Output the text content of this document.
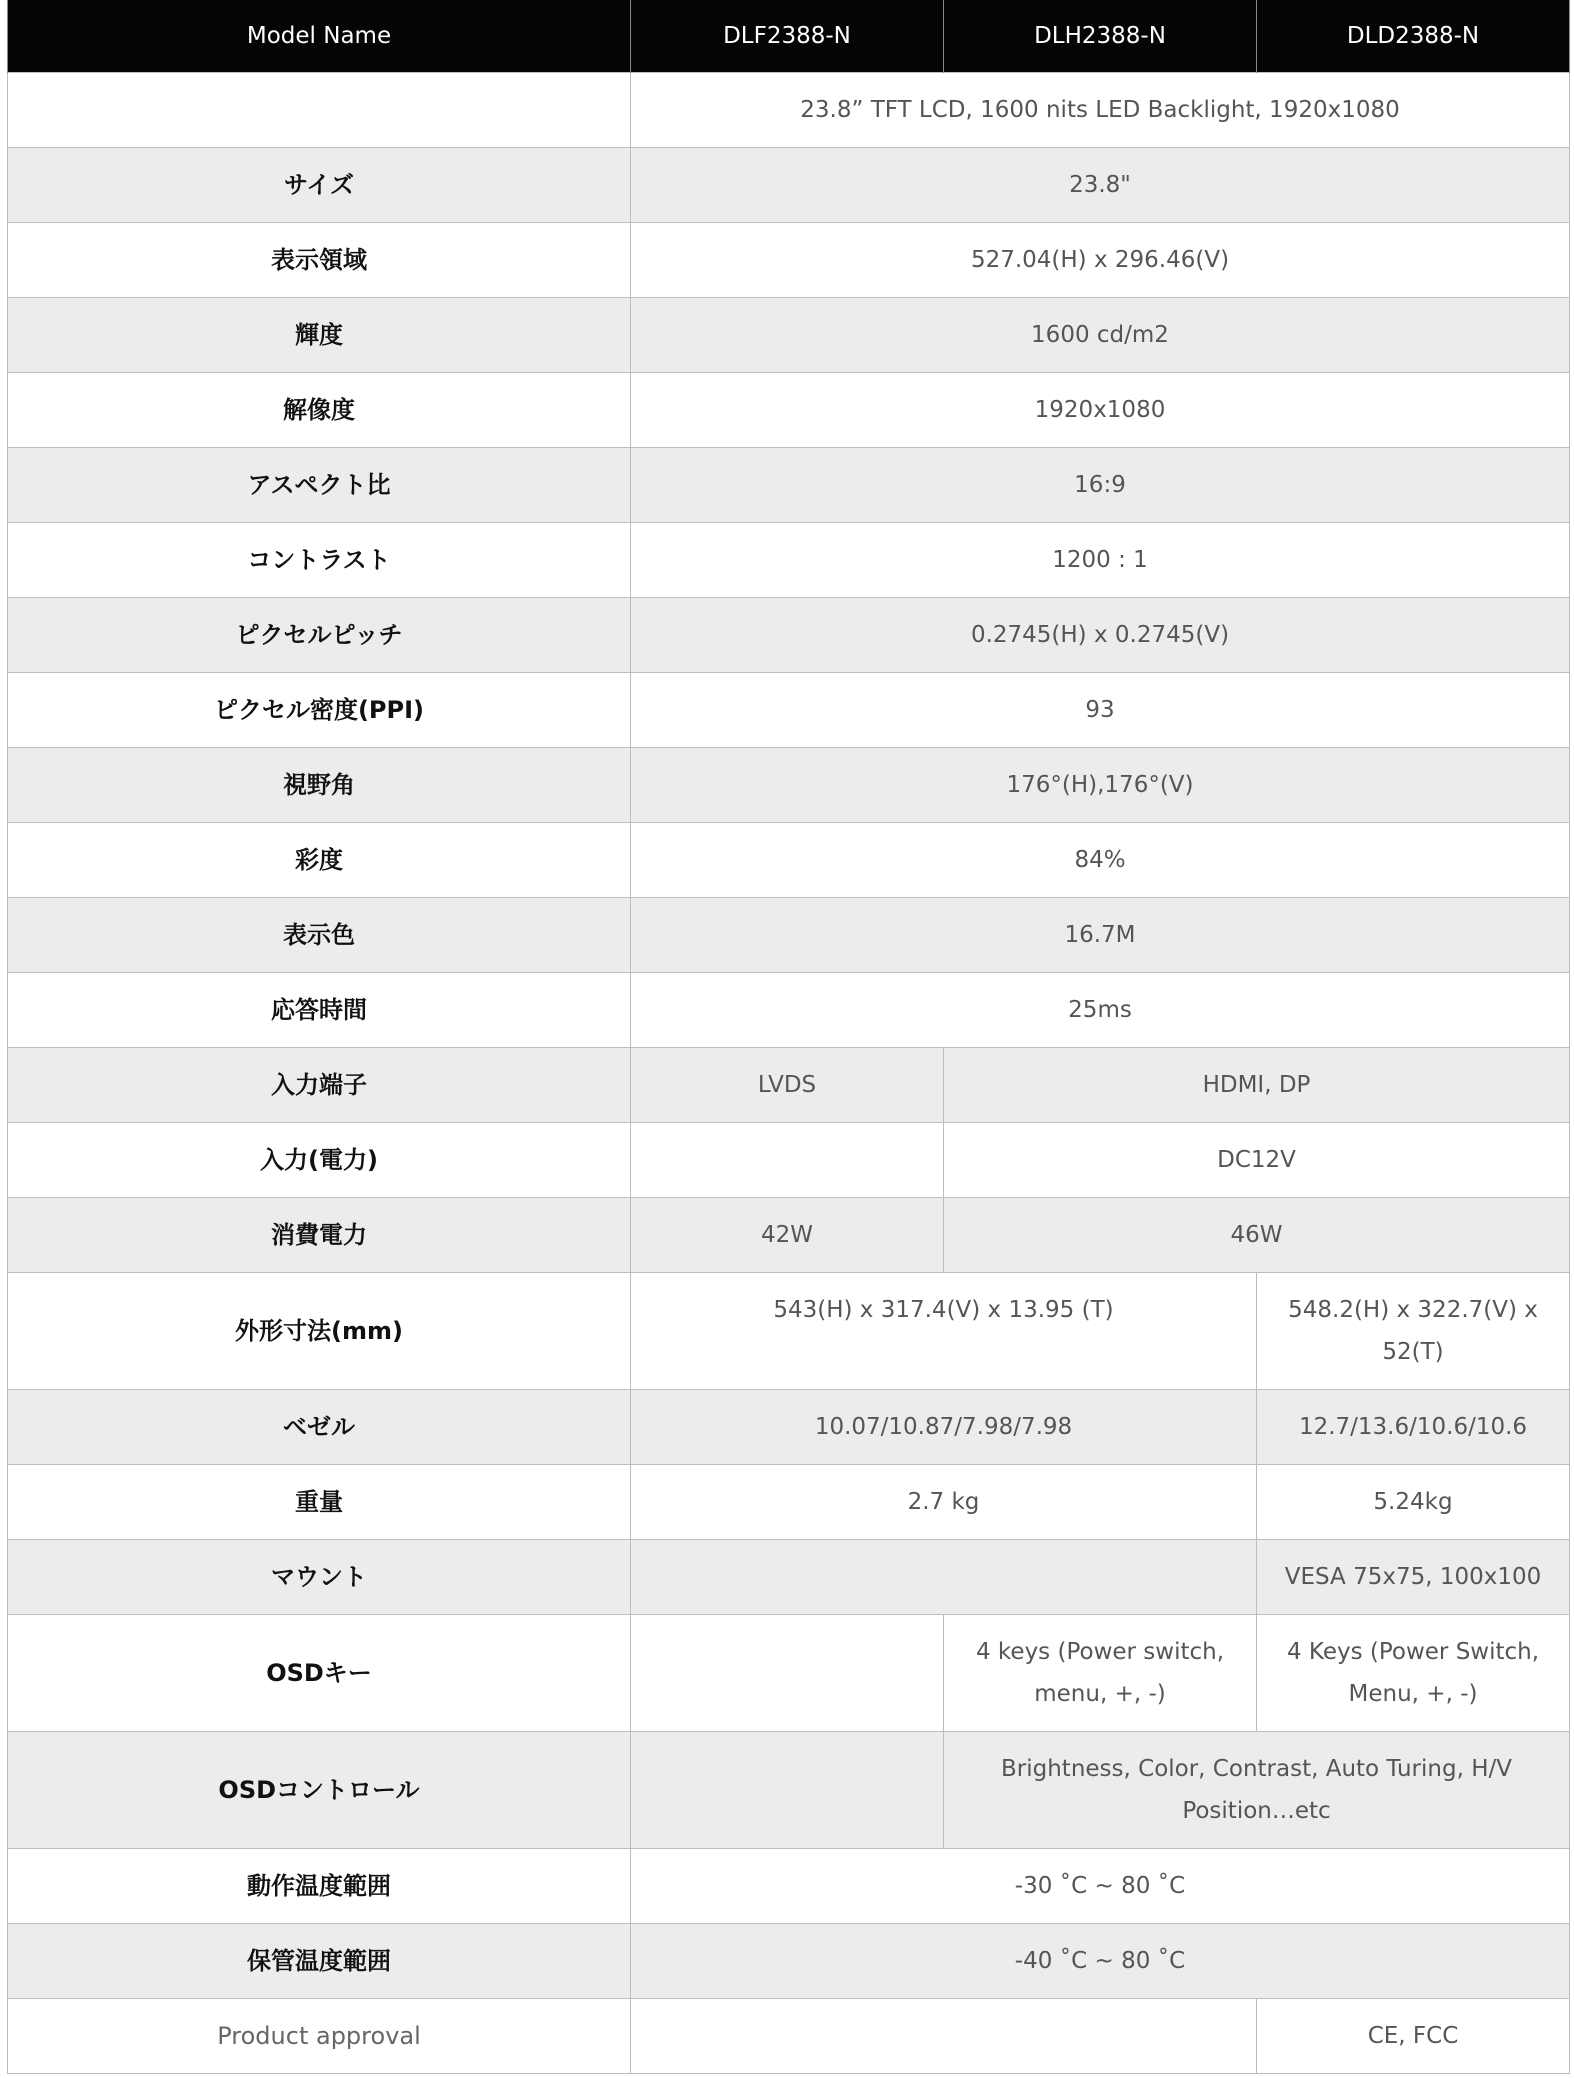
Model Name	DLF2388-N	DLH2388-N	DLD2388-N
	23.8” TFT LCD, 1600 nits LED Backlight, 1920x1080		
サイズ	23.8"		
表示領域	527.04(H) x 296.46(V)		
輝度	1600 cd/m2		
解像度	1920x1080		
アスペクト比	16:9		
コントラスト	1200 : 1		
ピクセルピッチ	0.2745(H) x 0.2745(V)		
ピクセル密度(PPI)	93		
視野角	176°(H),176°(V)		
彩度	84%		
表示色	16.7M		
応答時間	25ms		
入力端子	LVDS	HDMI, DP	
入力(電力)		DC12V	
消費電力	42W	46W	
外形寸法(mm)	543(H) x 317.4(V) x 13.95 (T)		548.2(H) x 322.7(V) x 52(T)
ベゼル	10.07/10.87/7.98/7.98		12.7/13.6/10.6/10.6
重量	2.7 kg		5.24kg
マウント			VESA 75x75, 100x100
OSDキー		4 keys (Power switch, menu, +, -)	4 Keys (Power Switch, Menu, +, -)
OSDコントロール		Brightness, Color, Contrast, Auto Turing, H/V Position…etc	
動作温度範囲	-30 ˚C ~ 80 ˚C		
保管温度範囲	-40 ˚C ~ 80 ˚C		
Product approval			CE, FCC
